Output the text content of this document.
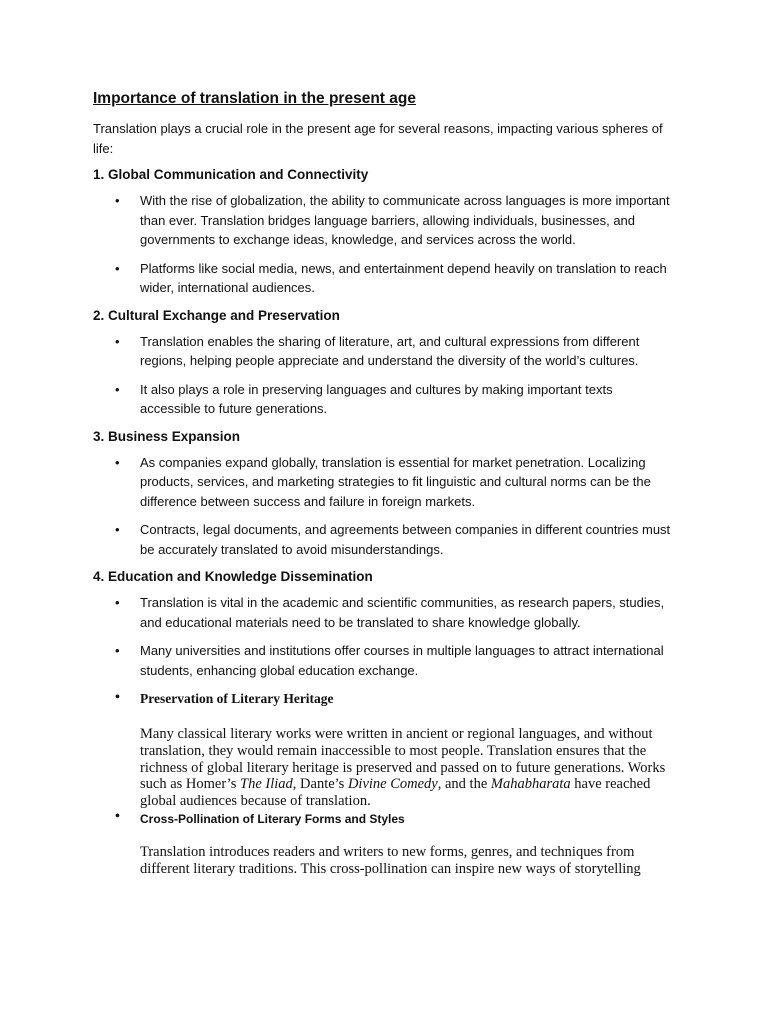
Importance of translation in the present age

Translation plays a crucial role in the present age for several reasons, impacting various spheres of life:

1. Global Communication and Connectivity
• With the rise of globalization, the ability to communicate across languages is more important than ever. Translation bridges language barriers, allowing individuals, businesses, and governments to exchange ideas, knowledge, and services across the world.
• Platforms like social media, news, and entertainment depend heavily on translation to reach wider, international audiences.
2. Cultural Exchange and Preservation
• Translation enables the sharing of literature, art, and cultural expressions from different regions, helping people appreciate and understand the diversity of the world’s cultures.
• It also plays a role in preserving languages and cultures by making important texts accessible to future generations.
3. Business Expansion
• As companies expand globally, translation is essential for market penetration. Localizing products, services, and marketing strategies to fit linguistic and cultural norms can be the difference between success and failure in foreign markets.
• Contracts, legal documents, and agreements between companies in different countries must be accurately translated to avoid misunderstandings.
4. Education and Knowledge Dissemination
• Translation is vital in the academic and scientific communities, as research papers, studies, and educational materials need to be translated to share knowledge globally.
• Many universities and institutions offer courses in multiple languages to attract international students, enhancing global education exchange.
• Preservation of Literary Heritage

Many classical literary works were written in ancient or regional languages, and without translation, they would remain inaccessible to most people. Translation ensures that the richness of global literary heritage is preserved and passed on to future generations. Works such as Homer’s The Iliad, Dante’s Divine Comedy, and the Mahabharata have reached global audiences because of translation.

• Cross-Pollination of Literary Forms and Styles

Translation introduces readers and writers to new forms, genres, and techniques from different literary traditions. This cross-pollination can inspire new ways of storytelling
